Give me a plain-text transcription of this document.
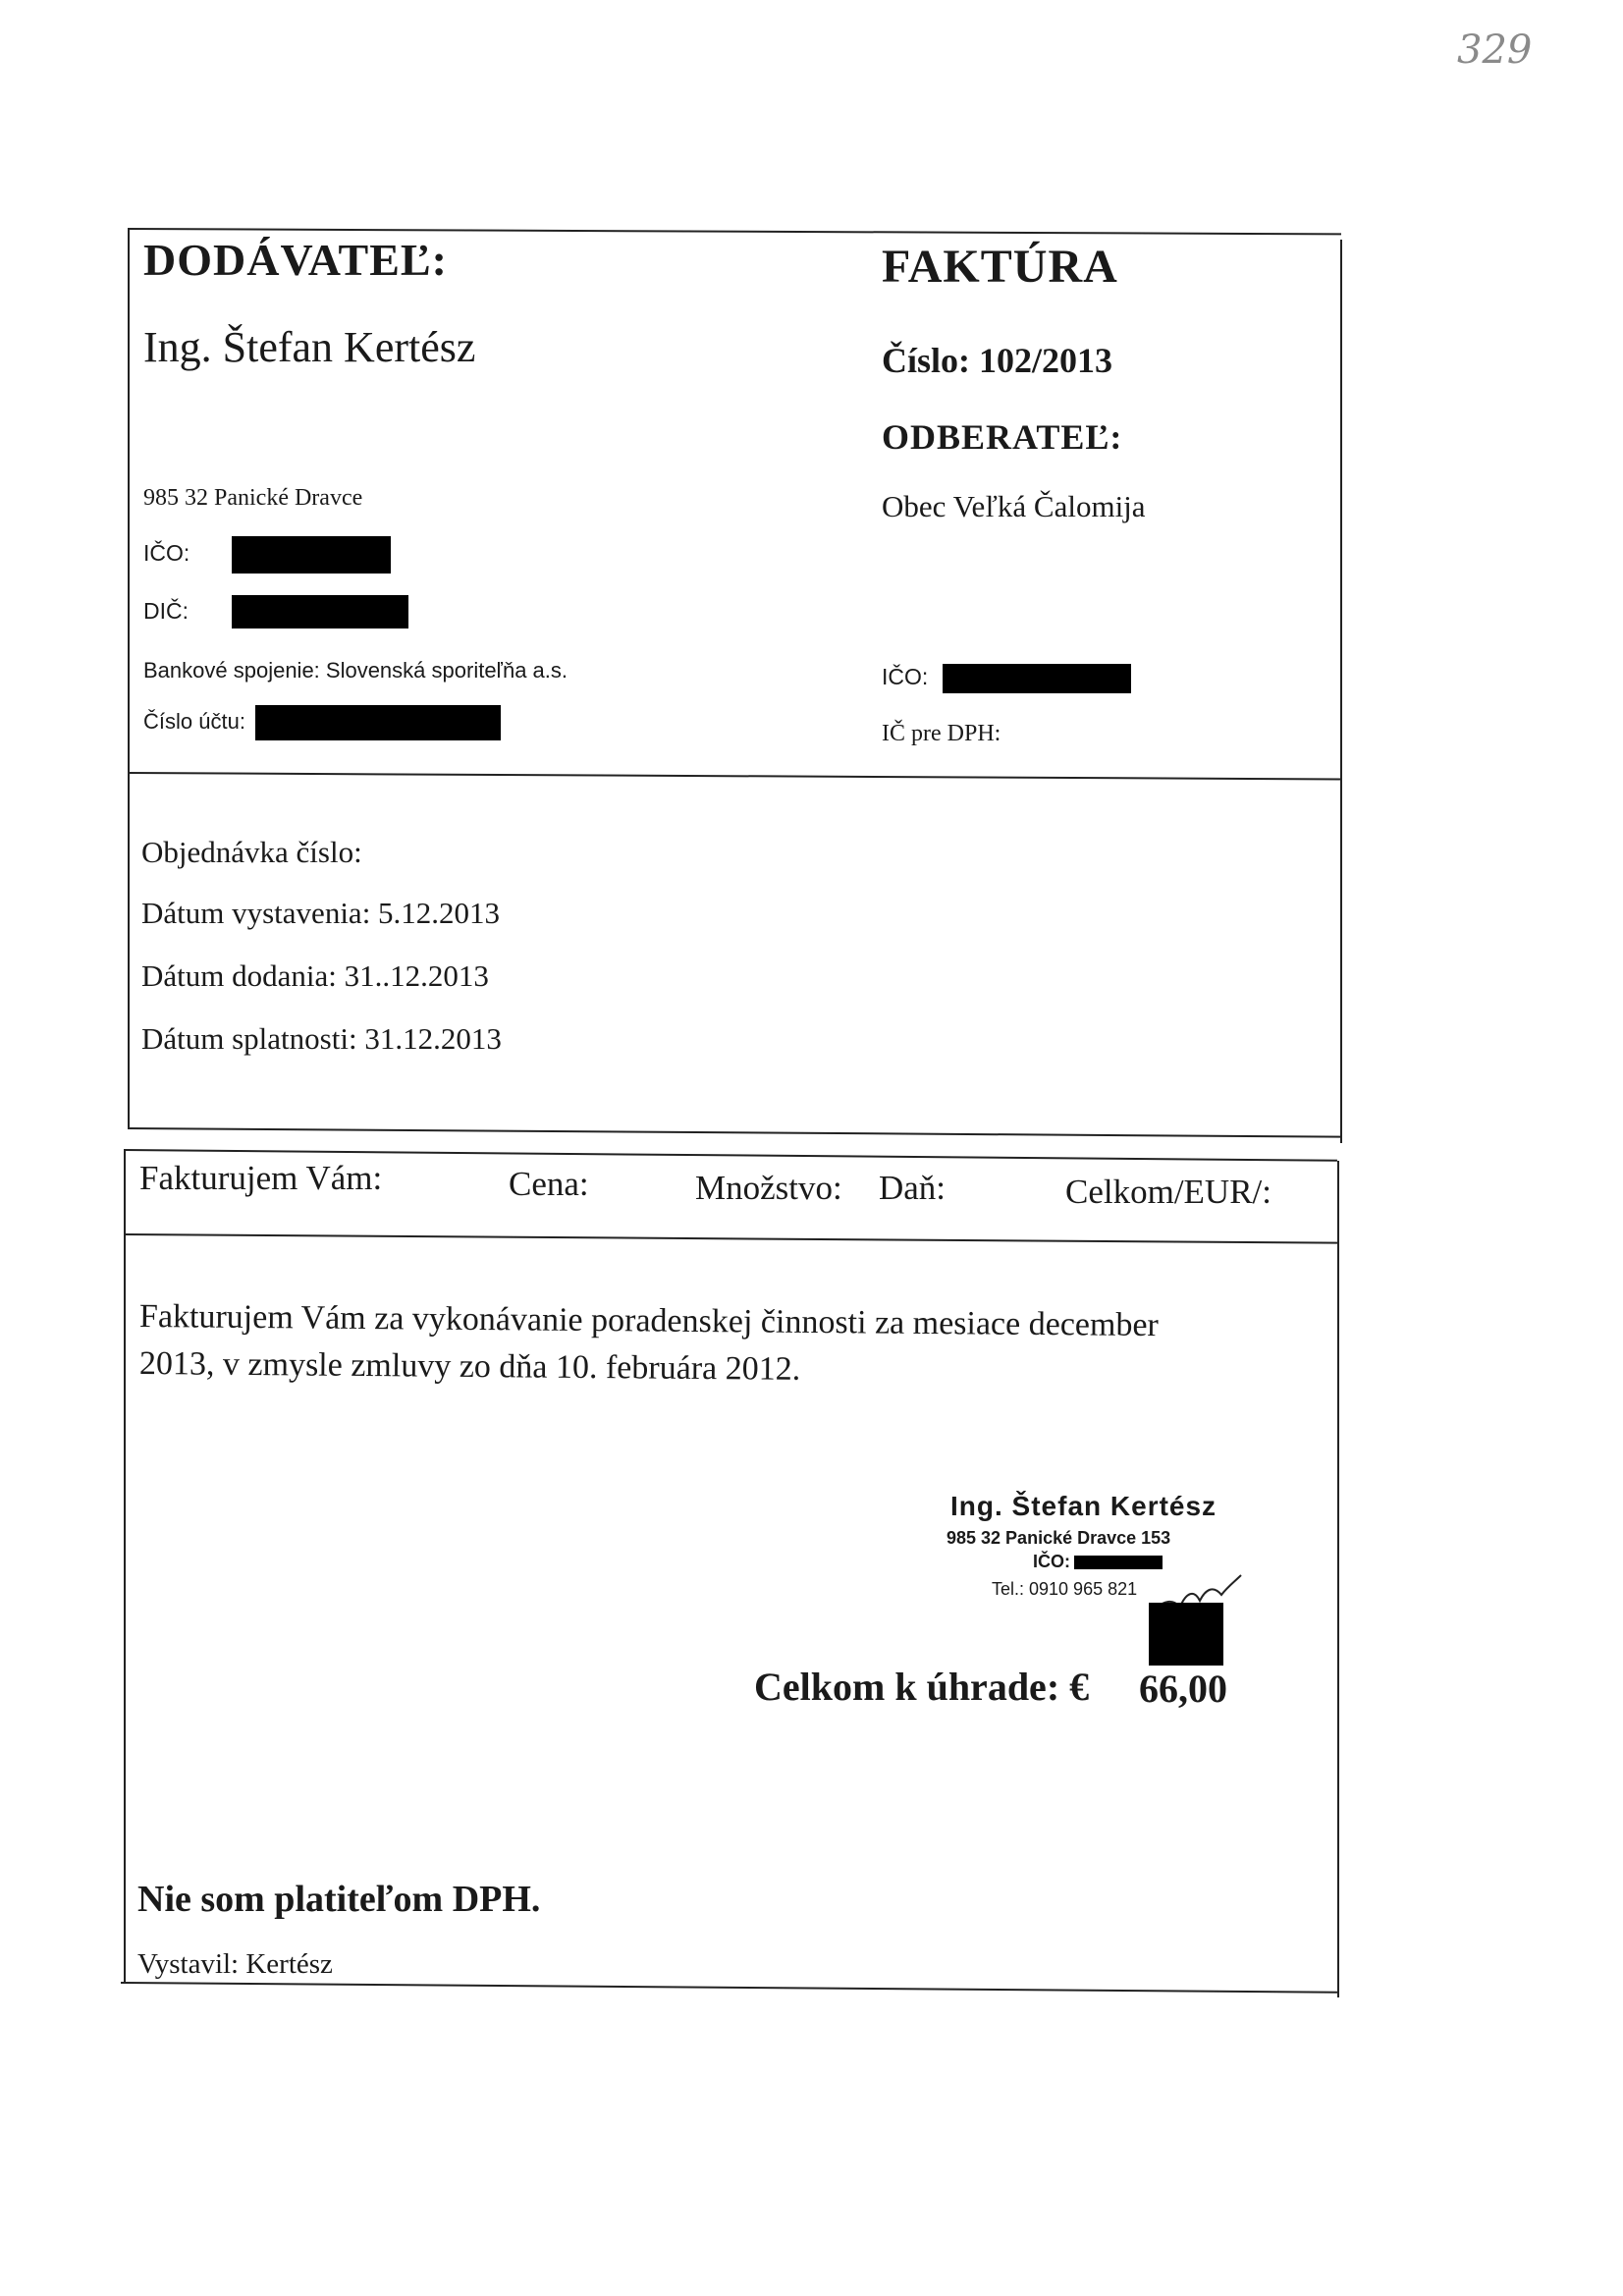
329
DODÁVATEĽ:
Ing. Štefan Kertész
985 32 Panické Dravce
IČO:
DIČ:
Bankové spojenie: Slovenská sporiteľňa a.s.
Číslo účtu:
FAKTÚRA
Číslo: 102/2013
ODBERATEĽ:
Obec Veľká Čalomija
IČO:
IČ pre DPH:
Objednávka číslo:
Dátum vystavenia: 5.12.2013
Dátum dodania: 31..12.2013
Dátum splatnosti: 31.12.2013
Fakturujem Vám:	Cena:	Množstvo: Daň:	Celkom/EUR/:
Fakturujem Vám za vykonávanie poradenskej činnosti za mesiace december
2013, v zmysle zmluvy zo dňa 10. februára 2012.
Ing. Štefan Kertész
985 32 Panické Dravce 153
IČO:
Tel.: 0910 965 821
Celkom k úhrade: € 66,00
Nie som platiteľom DPH.
Vystavil: Kertész
